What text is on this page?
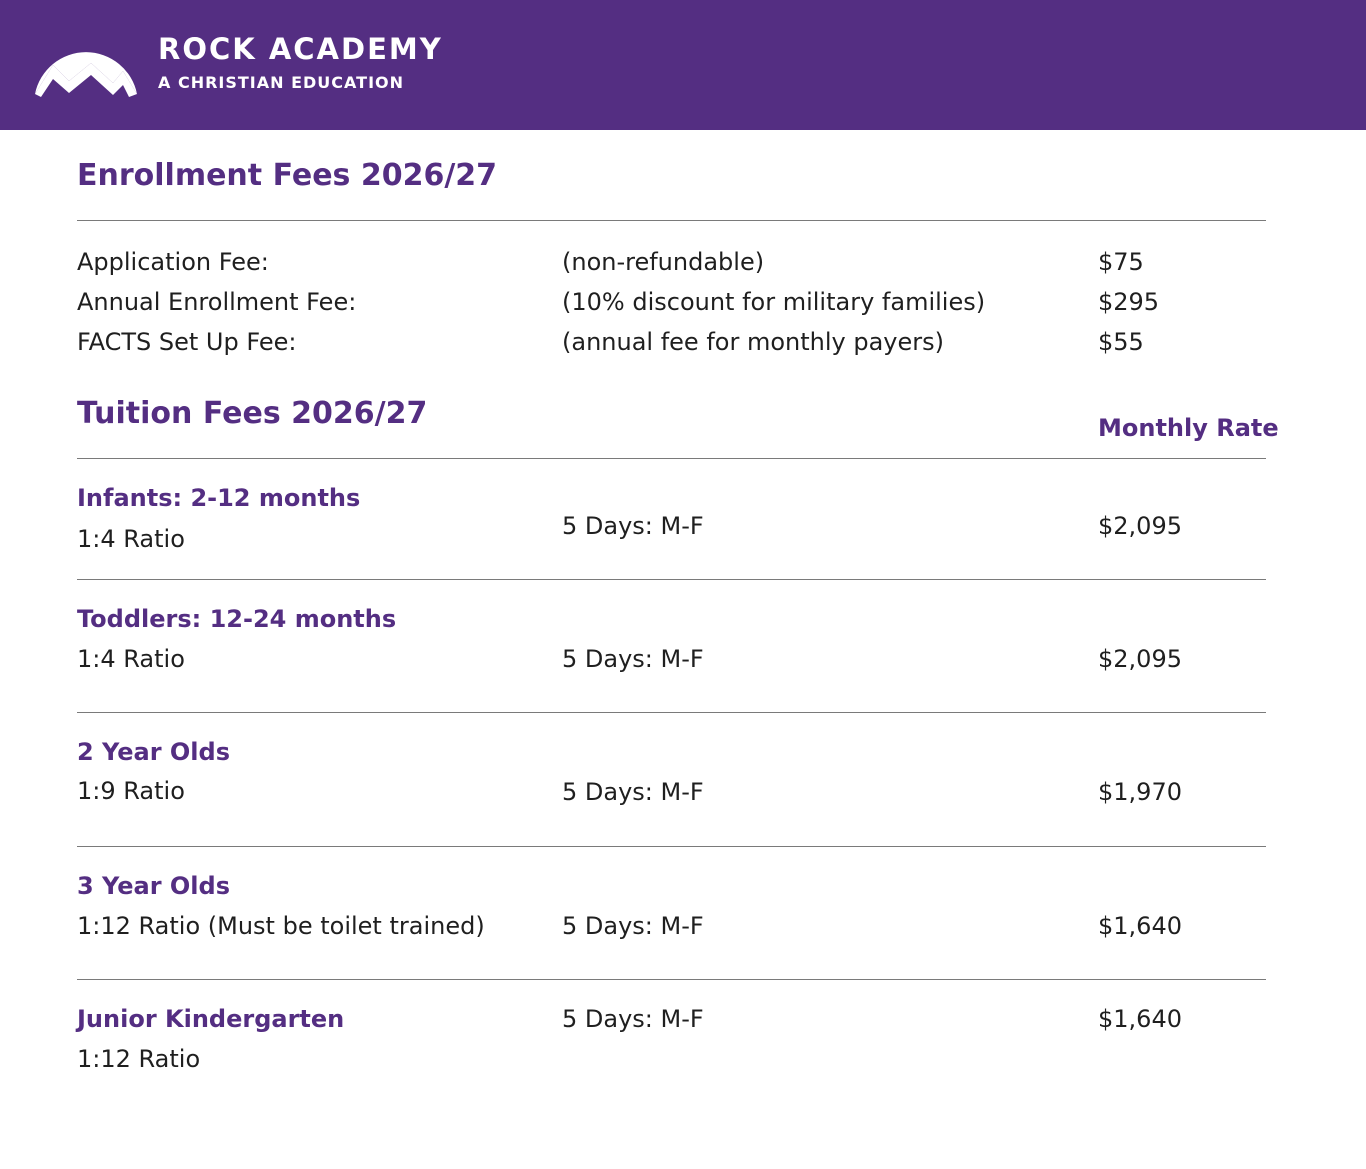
ROCK ACADEMY
A CHRISTIAN EDUCATION
Enrollment Fees 2026/27
Application Fee:	(non-refundable)	$75
Annual Enrollment Fee:	(10% discount for military families)	$295
FACTS Set Up Fee:	(annual fee for monthly payers)	$55
Tuition Fees 2026/27	Monthly Rate
Infants: 2-12 months
1:4 Ratio	5 Days: M-F	$2,095
Toddlers: 12-24 months
1:4 Ratio	5 Days: M-F	$2,095
2 Year Olds
1:9 Ratio	5 Days: M-F	$1,970
3 Year Olds
1:12 Ratio (Must be toilet trained)	5 Days: M-F	$1,640
Junior Kindergarten
1:12 Ratio
5 Days: M-F	$1,640
